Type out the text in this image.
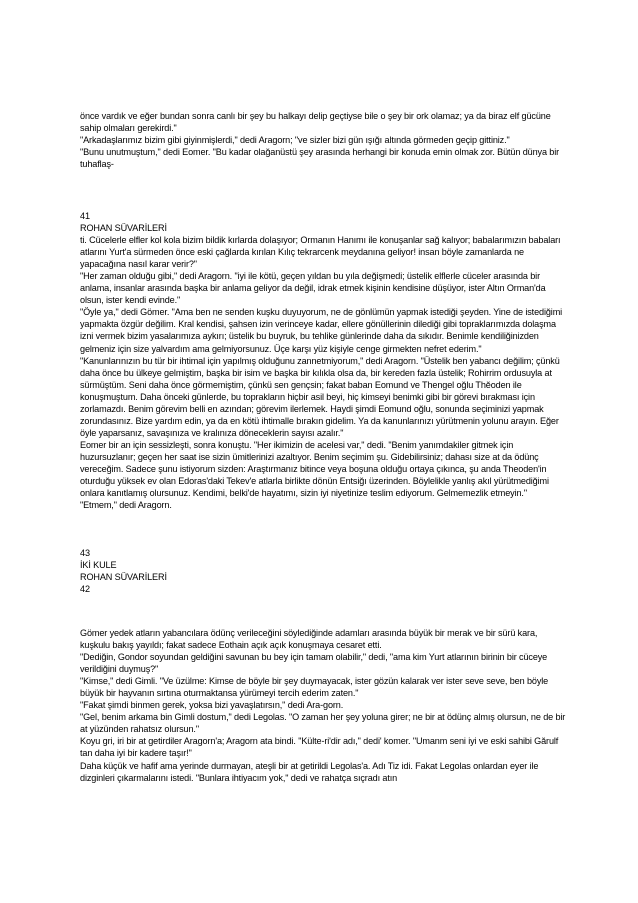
önce vardık ve eğer bundan sonra canlı bir şey bu halkayı delip geçtiyse bile o şey bir ork olamaz; ya da biraz elf gücüne sahip olmaları gerekirdi."

"Arkadaşlarımız bizim gibi giyinmişlerdi," dedi Aragorn; "ve sizler bizi gün ışığı altında görmeden geçip gittiniz."

"Bunu unutmuştum," dedi Eomer. "Bu kadar olağanüstü şey arasında herhangi bir konuda emin olmak zor. Bütün dünya bir tuhaflaş-

41

ROHAN SÜVARİLERİ

ti. Cücelerle elfler kol kola bizim bildik kırlarda dolaşıyor; Ormanın Hanımı ile konuşanlar sağ kalıyor; babalarımızın babaları atlarını Yurt'a sürmeden önce eski çağlarda kırılan Kılıç tekrarcenk meydanına geliyor! insan böyle zamanlarda ne yapacağına nasıl karar verir?"

"Her zaman olduğu gibi," dedi Aragorn. "iyi ile kötü, geçen yıldan bu yıla değişmedi; üstelik elflerle cüceler arasında bir anlama, insanlar arasında başka bir anlama geliyor da değil, idrak etmek kişinin kendisine düşüyor, ister Altın Orman'da olsun, ister kendi evinde."

"Öyle ya," dedi Gömer. "Ama ben ne senden kuşku duyuyorum, ne de gönlümün yapmak istediği şeyden. Yine de istediğimi yapmakta özgür değilim. Kral kendisi, şahsen izin verinceye kadar, ellere gönüllerinin dilediği gibi topraklarımızda dolaşma izni vermek bizim yasalarımıza aykırı; üstelik bu buyruk, bu tehlike günlerinde daha da sıkıdır. Benimle kendiliğinizden gelmeniz için size yalvardım ama gelmiyorsunuz. Üçe karşı yüz kişiyle cenge girmekten nefret ederim."

"Kanunlarınızın bu tür bir ihtimal için yapılmış olduğunu zannetmiyorum," dedi Aragorn. "Üstelik ben yabancı değilim; çünkü daha önce bu ülkeye gelmiştim, başka bir isim ve başka bir kılıkla olsa da, bir kereden fazla üstelik; Rohirrim ordusuyla at sürmüştüm. Seni daha önce görmemiştim, çünkü sen gençsin; fakat baban Eomund ve Thengel oğlu Thĕoden ile konuşmuştum. Daha önceki günlerde, bu toprakların hiçbir asil beyi, hiç kimseyi benimki gibi bir görevi bırakması için zorlamazdı. Benim görevim belli en azından; görevim ilerlemek. Haydi şimdi Eomund oğlu, sonunda seçiminizi yapmak zorundasınız. Bize yardım edin, ya da en kötü ihtimalle bırakın gidelim. Ya da kanunlarınızı yürütmenin yolunu arayın. Eğer öyle yaparsanız, savaşınıza ve kralınıza döneceklerin sayısı azalır."

Eomer bir an için sessizleşti, sonra konuştu. "Her ikimizin de acelesi var," dedi. "Benim yanımdakiler gitmek için huzursuzlanır; geçen her saat ise sizin ümitlerinizi azaltıyor. Benim seçimim şu. Gidebilirsiniz; dahası size at da ödünç vereceğim. Sadece şunu istiyorum sizden: Araştırmanız bitince veya boşuna olduğu ortaya çıkınca, şu anda Theoden'in oturduğu yüksek ev olan Edoras'daki Tekev'e atlarla birlikte dönün Entsiğı üzerinden. Böylelikle yanlış akıl yürütmediğimi onlara kanıtlamış olursunuz. Kendimi, belki'de hayatımı, sizin iyi niyetinize teslim ediyorum. Gelmemezlik etmeyin."

"Etmem," dedi Aragorn.

43

İKİ KULE

ROHAN SÜVARİLERİ

42

Gömer yedek atların yabancılara ödünç verileceğini söylediğinde adamları arasında büyük bir merak ve bir sürü kara, kuşkulu bakış yayıldı; fakat sadece Eothain açık açık konuşmaya cesaret etti.

"Dediğin, Gondor soyundan geldiğini savunan bu bey için tamam olabilir," dedi, "ama kim Yurt atlarının birinin bir cüceye verildiğini duymuş?"

"Kimse," dedi Gimli. "Ve üzülme: Kimse de böyle bir şey duymayacak, ister gözün kalarak ver ister seve seve, ben böyle büyük bir hayvanın sırtına oturmaktansa yürümeyi tercih ederim zaten."

"Fakat şimdi binmen gerek, yoksa bizi yavaşlatırsın," dedi Ara-gorn.

"Gel, benim arkama bin Gimli dostum," dedi Legolas. "O zaman her şey yoluna girer; ne bir at ödünç almış olursun, ne de bir at yüzünden rahatsız olursun."

Koyu gri, iri bir at getirdiler Aragorn'a; Aragorn ata bindi. "Külte-ri'dir adı," dedi' komer. "Umanm seni iyi ve eski sahibi Gărulf tan daha iyi bir kadere taşır!"

Daha küçük ve hafif ama yerinde durmayan, ateşli bir at getirildi Legolas'a. Adı Tiz idi. Fakat Legolas onlardan eyer ile dizginleri çıkarmalarını istedi. "Bunlara ihtiyacım yok," dedi ve rahatça sıçradı atın
